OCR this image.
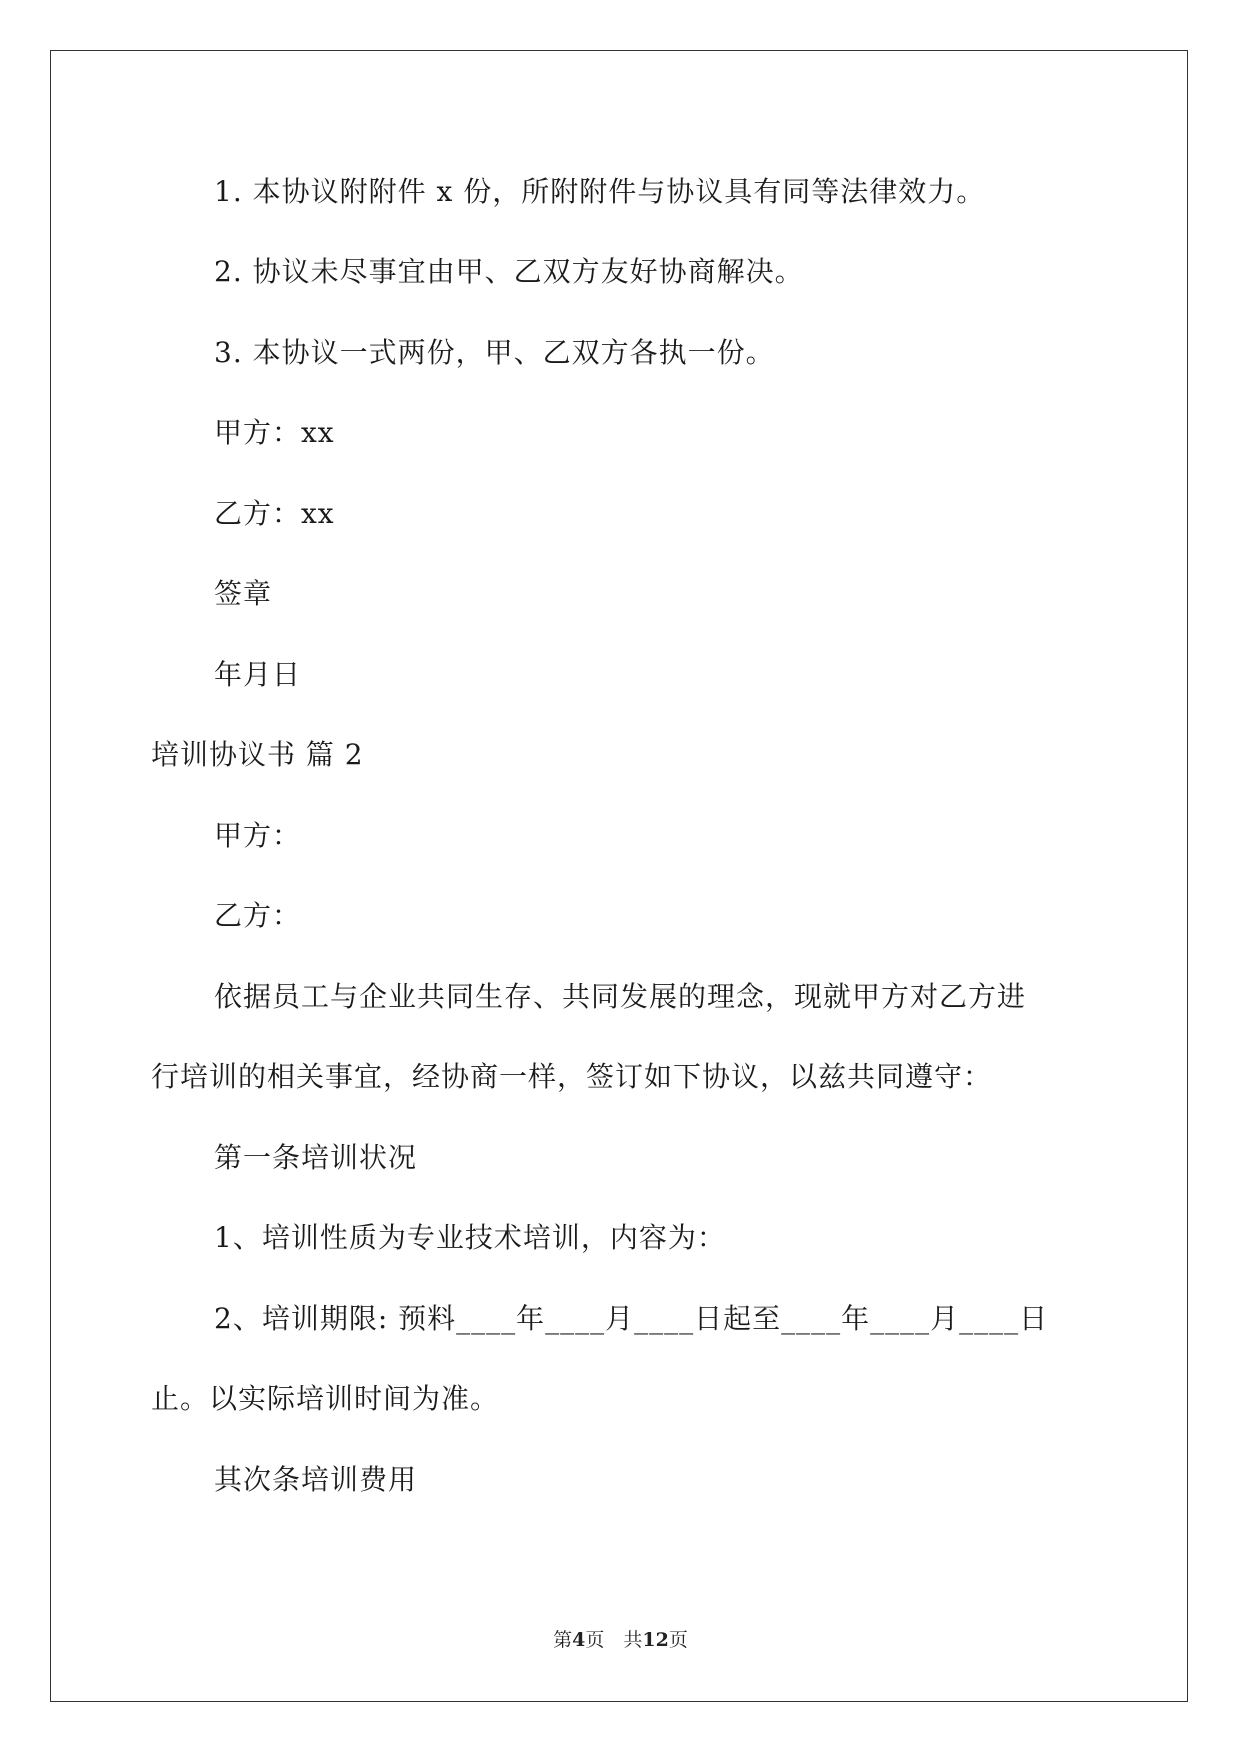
1. 本协议附附件 x 份，所附附件与协议具有同等法律效力。
2. 协议未尽事宜由甲、乙双方友好协商解决。
3. 本协议一式两份，甲、乙双方各执一份。
甲方：xx
乙方：xx
签章
年月日
培训协议书 篇 2
甲方：
乙方：
依据员工与企业共同生存、共同发展的理念，现就甲方对乙方进
行培训的相关事宜，经协商一样，签订如下协议，以兹共同遵守：
第一条培训状况
1、培训性质为专业技术培训，内容为：
2、培训期限: 预料____年____月____日起至____年____月____日
止。以实际培训时间为准。
其次条培训费用
第4页　共12页
